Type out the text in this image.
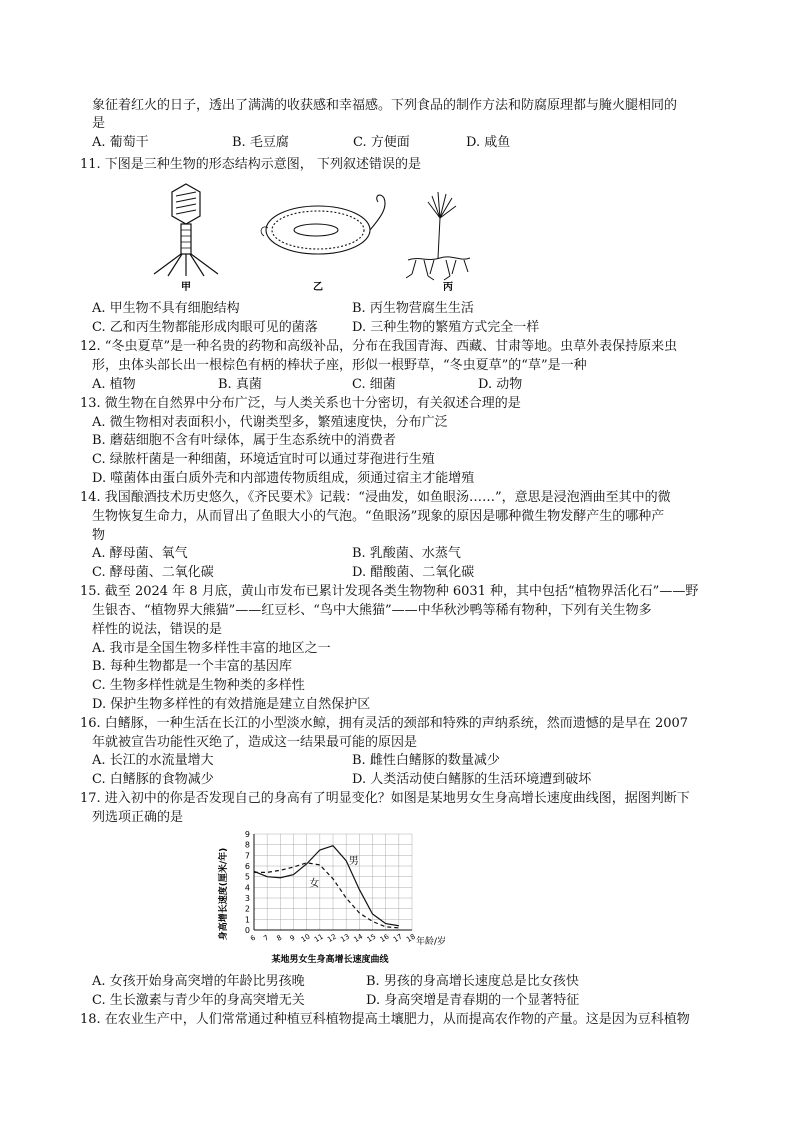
象征着红火的日子，透出了满满的收获感和幸福感。下列食品的制作方法和防腐原理都与腌火腿相同的
是
A. 葡萄干	B. 毛豆腐	C. 方便面	D. 咸鱼
11. 下图是三种生物的形态结构示意图， 下列叙述错误的是
甲	乙	丙
A. 甲生物不具有细胞结构	B. 丙生物营腐生生活
C. 乙和丙生物都能形成肉眼可见的菌落	D. 三种生物的繁殖方式完全一样
12. “冬虫夏草”是一种名贵的药物和高级补品，分布在我国青海、西藏、甘肃等地。虫草外表保持原来虫
形，虫体头部长出一根棕色有柄的棒状子座，形似一根野草，“冬虫夏草”的“草”是一种
A. 植物	B. 真菌	C. 细菌	D. 动物
13. 微生物在自然界中分布广泛，与人类关系也十分密切，有关叙述合理的是
A. 微生物相对表面积小，代谢类型多，繁殖速度快，分布广泛
B. 蘑菇细胞不含有叶绿体，属于生态系统中的消费者
C. 绿脓杆菌是一种细菌，环境适宜时可以通过芽孢进行生殖
D. 噬菌体由蛋白质外壳和内部遗传物质组成，须通过宿主才能增殖
14. 我国酿酒技术历史悠久，《齐民要术》记载：“浸曲发，如鱼眼汤……”，意思是浸泡酒曲至其中的微
生物恢复生命力，从而冒出了鱼眼大小的气泡。“鱼眼汤”现象的原因是哪种微生物发酵产生的哪种产
物
A. 酵母菌、氧气	B. 乳酸菌、水蒸气
C. 酵母菌、二氧化碳	D. 醋酸菌、二氧化碳
15. 截至 2024 年 8 月底，黄山市发布已累计发现各类生物物种 6031 种，其中包括“植物界活化石”——野
生银杏、“植物界大熊猫”——红豆杉、“鸟中大熊猫”——中华秋沙鸭等稀有物种，下列有关生物多
样性的说法，错误的是
A. 我市是全国生物多样性丰富的地区之一
B. 每种生物都是一个丰富的基因库
C. 生物多样性就是生物种类的多样性
D. 保护生物多样性的有效措施是建立自然保护区
16. 白鳍豚，一种生活在长江的小型淡水鲸，拥有灵活的颈部和特殊的声纳系统，然而遗憾的是早在 2007
年就被宣告功能性灭绝了，造成这一结果最可能的原因是
A. 长江的水流量增大	B. 雌性白鳍豚的数量减少
C. 白鳍豚的食物减少	D. 人类活动使白鳍豚的生活环境遭到破坏
17. 进入初中的你是否发现自己的身高有了明显变化？如图是某地男女生身高增长速度曲线图，据图判断下
列选项正确的是
0
1
2
3
4
5
6
7
8
9
6 7 8 9 10 11 12 13 14 15 16 17 18
身高增长速度(厘米/年)
年龄/岁
某地男女生身高增长速度曲线
男
女
A. 女孩开始身高突增的年龄比男孩晚	B. 男孩的身高增长速度总是比女孩快
C. 生长激素与青少年的身高突增无关	D. 身高突增是青春期的一个显著特征
18. 在农业生产中，人们常常通过种植豆科植物提高土壤肥力，从而提高农作物的产量。这是因为豆科植物
